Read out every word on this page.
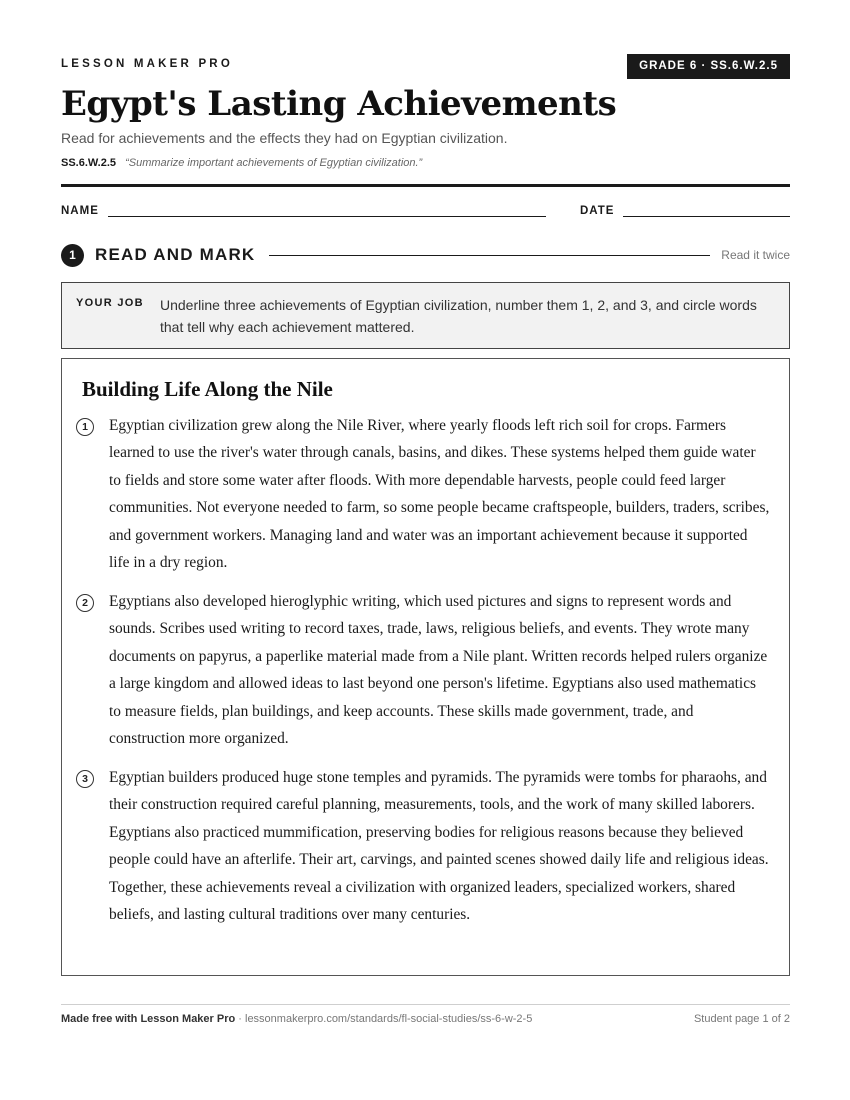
LESSON MAKER PRO	GRADE 6 · SS.6.W.2.5
Egypt's Lasting Achievements
Read for achievements and the effects they had on Egyptian civilization.
SS.6.W.2.5 “Summarize important achievements of Egyptian civilization.”
NAME	DATE
1	READ AND MARK	Read it twice
YOUR JOB Underline three achievements of Egyptian civilization, number them 1, 2, and 3, and circle words that tell why each achievement mattered.
Building Life Along the Nile
1	Egyptian civilization grew along the Nile River, where yearly floods left rich soil for crops. Farmers learned to use the river's water through canals, basins, and dikes. These systems helped them guide water to fields and store some water after floods. With more dependable harvests, people could feed larger communities. Not everyone needed to farm, so some people became craftspeople, builders, traders, scribes, and government workers. Managing land and water was an important achievement because it supported life in a dry region.

2	Egyptians also developed hieroglyphic writing, which used pictures and signs to represent words and sounds. Scribes used writing to record taxes, trade, laws, religious beliefs, and events. They wrote many documents on papyrus, a paperlike material made from a Nile plant. Written records helped rulers organize a large kingdom and allowed ideas to last beyond one person's lifetime. Egyptians also used mathematics to measure fields, plan buildings, and keep accounts. These skills made government, trade, and construction more organized.

3	Egyptian builders produced huge stone temples and pyramids. The pyramids were tombs for pharaohs, and their construction required careful planning, measurements, tools, and the work of many skilled laborers. Egyptians also practiced mummification, preserving bodies for religious reasons because they believed people could have an afterlife. Their art, carvings, and painted scenes showed daily life and religious ideas. Together, these achievements reveal a civilization with organized leaders, specialized workers, shared beliefs, and lasting cultural traditions over many centuries.

Made free with Lesson Maker Pro · lessonmakerpro.com/standards/fl-social-studies/ss-6-w-2-5	Student page 1 of 2
